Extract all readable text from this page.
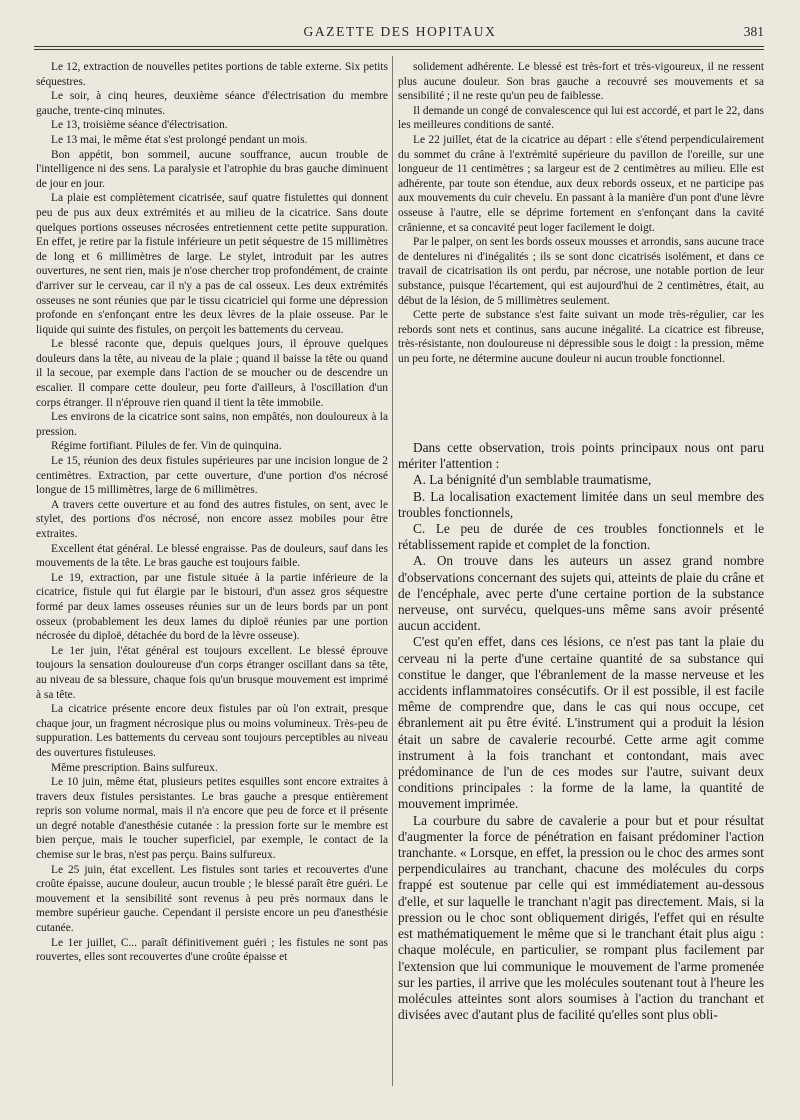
GAZETTE DES HOPITAUX	381

Le 12, extraction de nouvelles petites portions de table externe. Six petits séquestres.

Le soir, à cinq heures, deuxième séance d'électrisation du membre gauche, trente-cinq minutes.

Le 13, troisième séance d'électrisation.

Le 13 mai, le même état s'est prolongé pendant un mois.

Bon appétit, bon sommeil, aucune souffrance, aucun trouble de l'intelligence ni des sens. La paralysie et l'atrophie du bras gauche diminuent de jour en jour.

La plaie est complètement cicatrisée, sauf quatre fistulettes qui donnent peu de pus aux deux extrémités et au milieu de la cicatrice. Sans doute quelques portions osseuses nécrosées entretiennent cette petite suppuration. En effet, je retire par la fistule inférieure un petit séquestre de 15 millimètres de long et 6 millimètres de large. Le stylet, introduit par les autres ouvertures, ne sent rien, mais je n'ose chercher trop profondément, de crainte d'arriver sur le cerveau, car il n'y a pas de cal osseux. Les deux extrémités osseuses ne sont réunies que par le tissu cicatriciel qui forme une dépression profonde en s'enfonçant entre les deux lèvres de la plaie osseuse. Par le liquide qui suinte des fistules, on perçoit les battements du cerveau.

Le blessé raconte que, depuis quelques jours, il éprouve quelques douleurs dans la tête, au niveau de la plaie ; quand il baisse la tête ou quand il la secoue, par exemple dans l'action de se moucher ou de descendre un escalier. Il compare cette douleur, peu forte d'ailleurs, à l'oscillation d'un corps étranger. Il n'éprouve rien quand il tient la tête immobile.

Les environs de la cicatrice sont sains, non empâtés, non douloureux à la pression.

Régime fortifiant. Pilules de fer. Vin de quinquina.

Le 15, réunion des deux fistules supérieures par une incision longue de 2 centimètres. Extraction, par cette ouverture, d'une portion d'os nécrosé longue de 15 millimètres, large de 6 millimètres.

A travers cette ouverture et au fond des autres fistules, on sent, avec le stylet, des portions d'os nécrosé, non encore assez mobiles pour être extraites.

Excellent état général. Le blessé engraisse. Pas de douleurs, sauf dans les mouvements de la tête. Le bras gauche est toujours faible.

Le 19, extraction, par une fistule située à la partie inférieure de la cicatrice, fistule qui fut élargie par le bistouri, d'un assez gros séquestre formé par deux lames osseuses réunies sur un de leurs bords par un pont osseux (probablement les deux lames du diploë réunies par une portion nécrosée du diploë, détachée du bord de la lèvre osseuse).

Le 1er juin, l'état général est toujours excellent. Le blessé éprouve toujours la sensation douloureuse d'un corps étranger oscillant dans sa tête, au niveau de sa blessure, chaque fois qu'un brusque mouvement est imprimé à sa tête.

La cicatrice présente encore deux fistules par où l'on extrait, presque chaque jour, un fragment nécrosique plus ou moins volumineux. Très-peu de suppuration. Les battements du cerveau sont toujours perceptibles au niveau des ouvertures fistuleuses.

Même prescription. Bains sulfureux.

Le 10 juin, même état, plusieurs petites esquilles sont encore extraites à travers deux fistules persistantes. Le bras gauche a presque entièrement repris son volume normal, mais il n'a encore que peu de force et il présente un degré notable d'anesthésie cutanée : la pression forte sur le membre est bien perçue, mais le toucher superficiel, par exemple, le contact de la chemise sur le bras, n'est pas perçu. Bains sulfureux.

Le 25 juin, état excellent. Les fistules sont taries et recouvertes d'une croûte épaisse, aucune douleur, aucun trouble ; le blessé paraît être guéri. Le mouvement et la sensibilité sont revenus à peu près normaux dans le membre supérieur gauche. Cependant il persiste encore un peu d'anesthésie cutanée.

Le 1er juillet, C... paraît définitivement guéri ; les fistules ne sont pas rouvertes, elles sont recouvertes d'une croûte épaisse et

solidement adhérente. Le blessé est très-fort et très-vigoureux, il ne ressent plus aucune douleur. Son bras gauche a recouvré ses mouvements et sa sensibilité ; il ne reste qu'un peu de faiblesse.

Il demande un congé de convalescence qui lui est accordé, et part le 22, dans les meilleures conditions de santé.

Le 22 juillet, état de la cicatrice au départ : elle s'étend perpendiculairement du sommet du crâne à l'extrémité supérieure du pavillon de l'oreille, sur une longueur de 11 centimètres ; sa largeur est de 2 centimètres au milieu. Elle est adhérente, par toute son étendue, aux deux rebords osseux, et ne participe pas aux mouvements du cuir chevelu. En passant à la manière d'un pont d'une lèvre osseuse à l'autre, elle se déprime fortement en s'enfonçant dans la cavité crânienne, et sa concavité peut loger facilement le doigt.

Par le palper, on sent les bords osseux mousses et arrondis, sans aucune trace de dentelures ni d'inégalités ; ils se sont donc cicatrisés isolément, et dans ce travail de cicatrisation ils ont perdu, par nécrose, une notable portion de leur substance, puisque l'écartement, qui est aujourd'hui de 2 centimètres, était, au début de la lésion, de 5 millimètres seulement.

Cette perte de substance s'est faite suivant un mode très-régulier, car les rebords sont nets et continus, sans aucune inégalité. La cicatrice est fibreuse, très-résistante, non douloureuse ni dépressible sous le doigt : la pression, même un peu forte, ne détermine aucune douleur ni aucun trouble fonctionnel.

Dans cette observation, trois points principaux nous ont paru mériter l'attention :

A. La bénignité d'un semblable traumatisme,

B. La localisation exactement limitée dans un seul membre des troubles fonctionnels,

C. Le peu de durée de ces troubles fonctionnels et le rétablissement rapide et complet de la fonction.

A. On trouve dans les auteurs un assez grand nombre d'observations concernant des sujets qui, atteints de plaie du crâne et de l'encéphale, avec perte d'une certaine portion de la substance nerveuse, ont survécu, quelques-uns même sans avoir présenté aucun accident.

C'est qu'en effet, dans ces lésions, ce n'est pas tant la plaie du cerveau ni la perte d'une certaine quantité de sa substance qui constitue le danger, que l'ébranlement de la masse nerveuse et les accidents inflammatoires consécutifs. Or il est possible, il est facile même de comprendre que, dans le cas qui nous occupe, cet ébranlement ait pu être évité. L'instrument qui a produit la lésion était un sabre de cavalerie recourbé. Cette arme agit comme instrument à la fois tranchant et contondant, mais avec prédominance de l'un de ces modes sur l'autre, suivant deux conditions principales : la forme de la lame, la quantité de mouvement imprimée.

La courbure du sabre de cavalerie a pour but et pour résultat d'augmenter la force de pénétration en faisant prédominer l'action tranchante. « Lorsque, en effet, la pression ou le choc des armes sont perpendiculaires au tranchant, chacune des molécules du corps frappé est soutenue par celle qui est immédiatement au-dessous d'elle, et sur laquelle le tranchant n'agit pas directement. Mais, si la pression ou le choc sont obliquement dirigés, l'effet qui en résulte est mathématiquement le même que si le tranchant était plus aigu : chaque molécule, en particulier, se rompant plus facilement par l'extension que lui communique le mouvement de l'arme promenée sur les parties, il arrive que les molécules soutenant tout à l'heure les molécules atteintes sont alors soumises à l'action du tranchant et divisées avec d'autant plus de facilité qu'elles sont plus obli-
